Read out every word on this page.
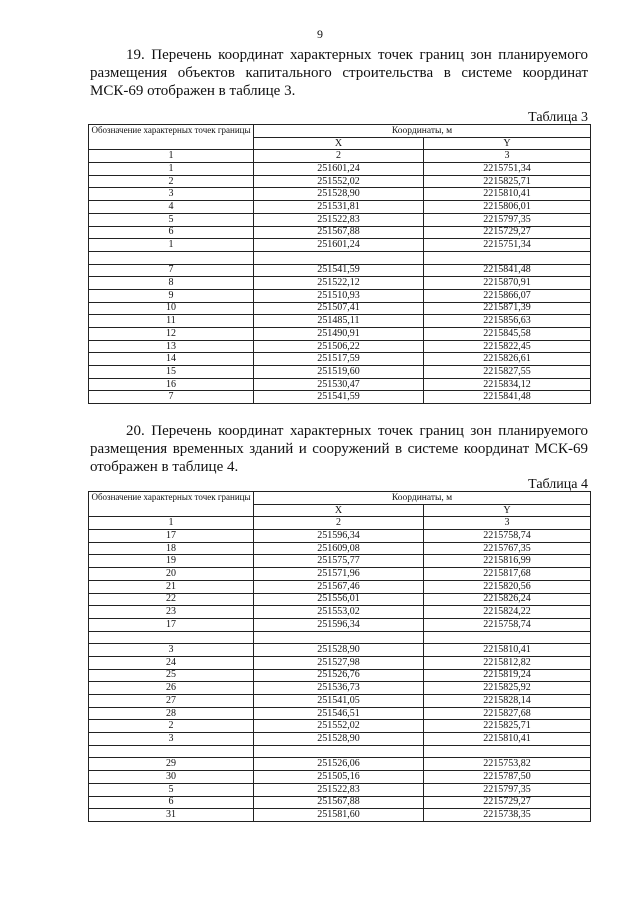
9

19. Перечень координат характерных точек границ зон планируемого размещения объектов капитального строительства в системе координат МСК-69 отображен в таблице 3.

Таблица 3
Обозначение характерных точек границы	Координаты, м	
	X	Y
1	2	3
1	251601,24	2215751,34
2	251552,02	2215825,71
3	251528,90	2215810,41
4	251531,81	2215806,01
5	251522,83	2215797,35
6	251567,88	2215729,27
1	251601,24	2215751,34

7	251541,59	2215841,48
8	251522,12	2215870,91
9	251510,93	2215866,07
10	251507,41	2215871,39
11	251485,11	2215856,63
12	251490,91	2215845,58
13	251506,22	2215822,45
14	251517,59	2215826,61
15	251519,60	2215827,55
16	251530,47	2215834,12
7	251541,59	2215841,48

20. Перечень координат характерных точек границ зон планируемого размещения временных зданий и сооружений в системе координат МСК-69 отображен в таблице 4.

Таблица 4
Обозначение характерных точек границы	Координаты, м	
	X	Y
1	2	3
17	251596,34	2215758,74
18	251609,08	2215767,35
19	251575,77	2215816,99
20	251571,96	2215817,68
21	251567,46	2215820,56
22	251556,01	2215826,24
23	251553,02	2215824,22
17	251596,34	2215758,74

3	251528,90	2215810,41
24	251527,98	2215812,82
25	251526,76	2215819,24
26	251536,73	2215825,92
27	251541,05	2215828,14
28	251546,51	2215827,68
2	251552,02	2215825,71
3	251528,90	2215810,41

29	251526,06	2215753,82
30	251505,16	2215787,50
5	251522,83	2215797,35
6	251567,88	2215729,27
31	251581,60	2215738,35
